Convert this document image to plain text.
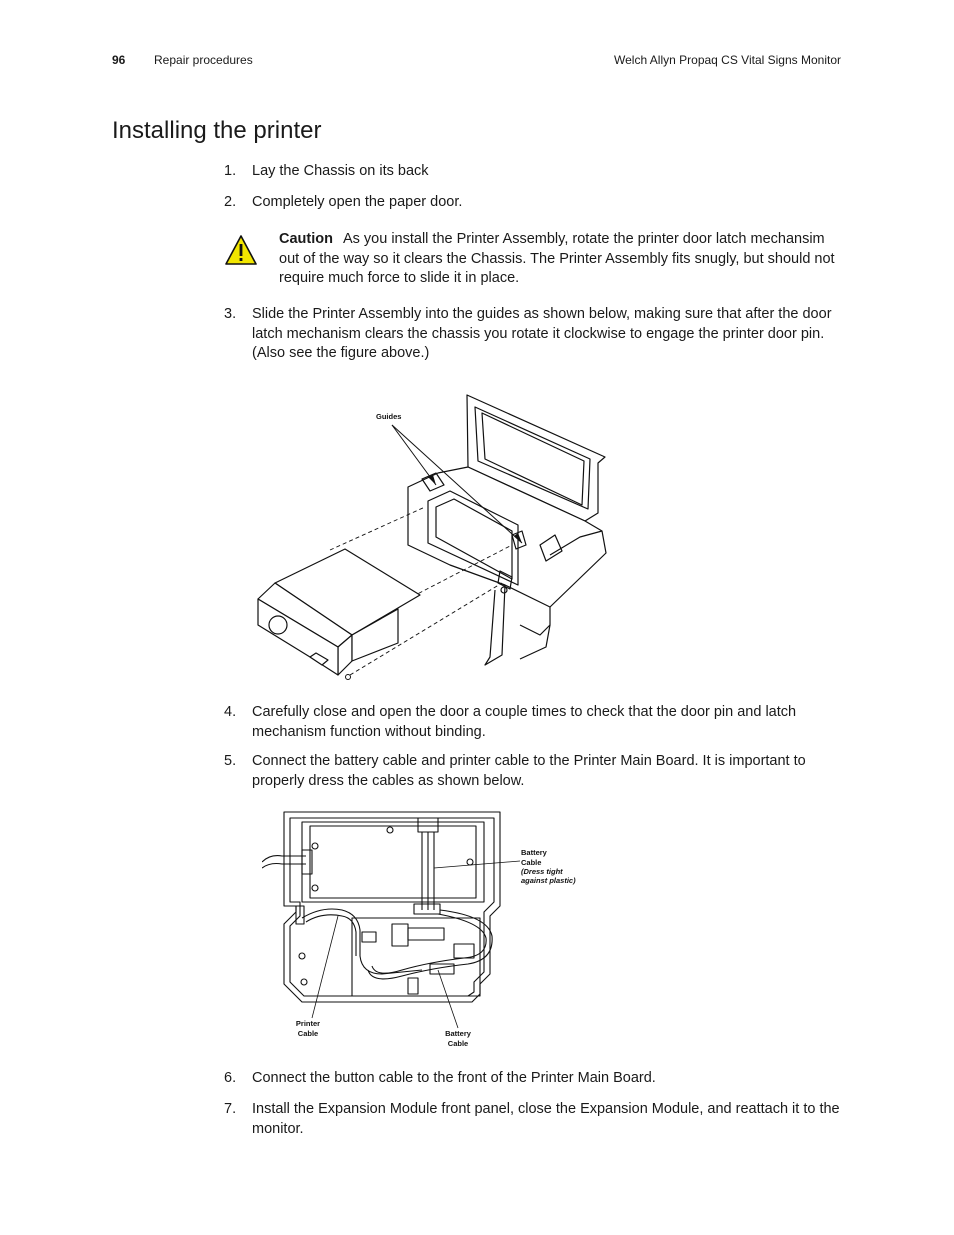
96 Repair procedures	Welch Allyn Propaq CS Vital Signs Monitor
Installing the printer
1. Lay the Chassis on its back
2. Completely open the paper door.
Caution As you install the Printer Assembly, rotate the printer door latch mechansim out of the way so it clears the Chassis. The Printer Assembly fits snugly, but should not require much force to slide it in place.
3. Slide the Printer Assembly into the guides as shown below, making sure that after the door latch mechanism clears the chassis you rotate it clockwise to engage the printer door pin. (Also see the figure above.)
Guides
4. Carefully close and open the door a couple times to check that the door pin and latch mechanism function without binding.
5. Connect the battery cable and printer cable to the Printer Main Board. It is important to properly dress the cables as shown below.
Battery
Cable
(Dress tight
against plastic)
Printer
Cable	Battery
Cable
6. Connect the button cable to the front of the Printer Main Board.
7. Install the Expansion Module front panel, close the Expansion Module, and reattach it to the monitor.
